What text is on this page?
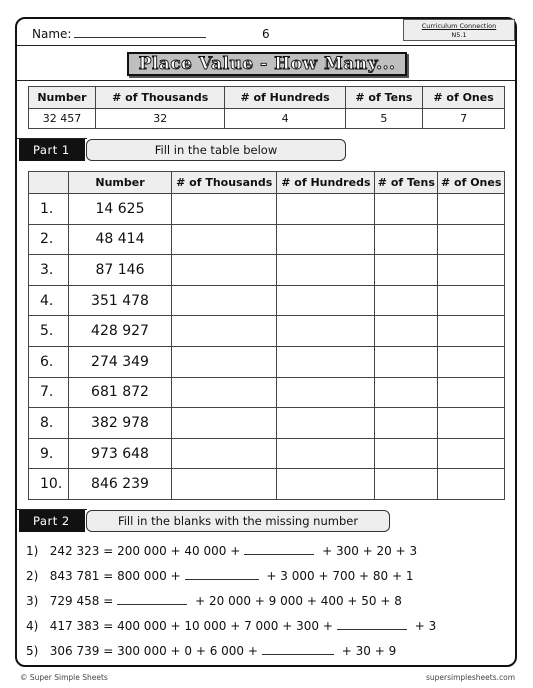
Name:	6
Curriculum Connection
N5.1
Place Value - How Many...
Number	# of Thousands	# of Hundreds	# of Tens	# of Ones
32 457	32	4	5	7
Part 1	Fill in the table below
	Number	# of Thousands	# of Hundreds	# of Tens	# of Ones
1.	14 625				
2.	48 414				
3.	87 146				
4.	351 478				
5.	428 927				
6.	274 349				
7.	681 872				
8.	382 978				
9.	973 648				
10.	846 239				
Part 2	Fill in the blanks with the missing number
1) 242 323 = 200 000 + 40 000 +	+ 300 + 20 + 3
2) 843 781 = 800 000 +	+ 3 000 + 700 + 80 + 1
3) 729 458 =	+ 20 000 + 9 000 + 400 + 50 + 8
4) 417 383 = 400 000 + 10 000 + 7 000 + 300 +	+ 3
5) 306 739 = 300 000 + 0 + 6 000 +	+ 30 + 9
© Super Simple Sheets	supersimplesheets.com
